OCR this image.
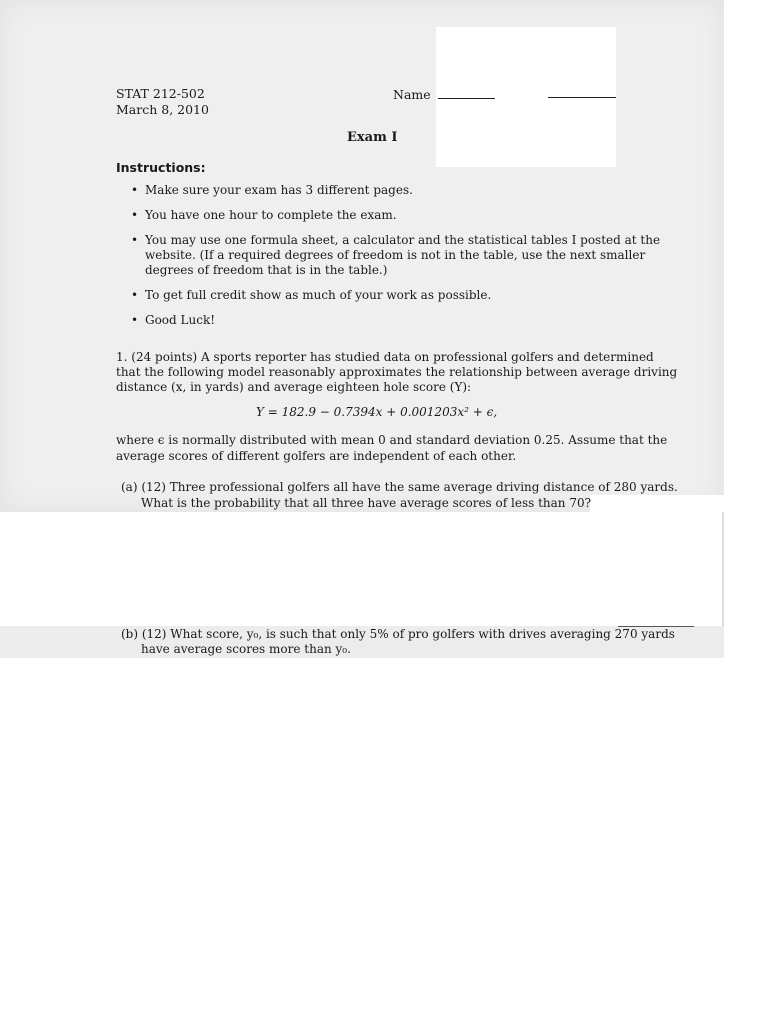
STAT 212-502
March 8, 2010
Name
Exam I
Instructions:
• Make sure your exam has 3 different pages.
• You have one hour to complete the exam.
• You may use one formula sheet, a calculator and the statistical tables I posted at the
website. (If a required degrees of freedom is not in the table, use the next smaller
degrees of freedom that is in the table.)
• To get full credit show as much of your work as possible.
• Good Luck!
1. (24 points) A sports reporter has studied data on professional golfers and determined
that the following model reasonably approximates the relationship between average driving
distance (x, in yards) and average eighteen hole score (Y):
Y = 182.9 − 0.7394x + 0.001203x² + ϵ,
where ϵ is normally distributed with mean 0 and standard deviation 0.25. Assume that the
average scores of different golfers are independent of each other.
(a) (12) Three professional golfers all have the same average driving distance of 280 yards.
What is the probability that all three have average scores of less than 70?
(b) (12) What score, y₀, is such that only 5% of pro golfers with drives averaging 270 yards
have average scores more than y₀.
